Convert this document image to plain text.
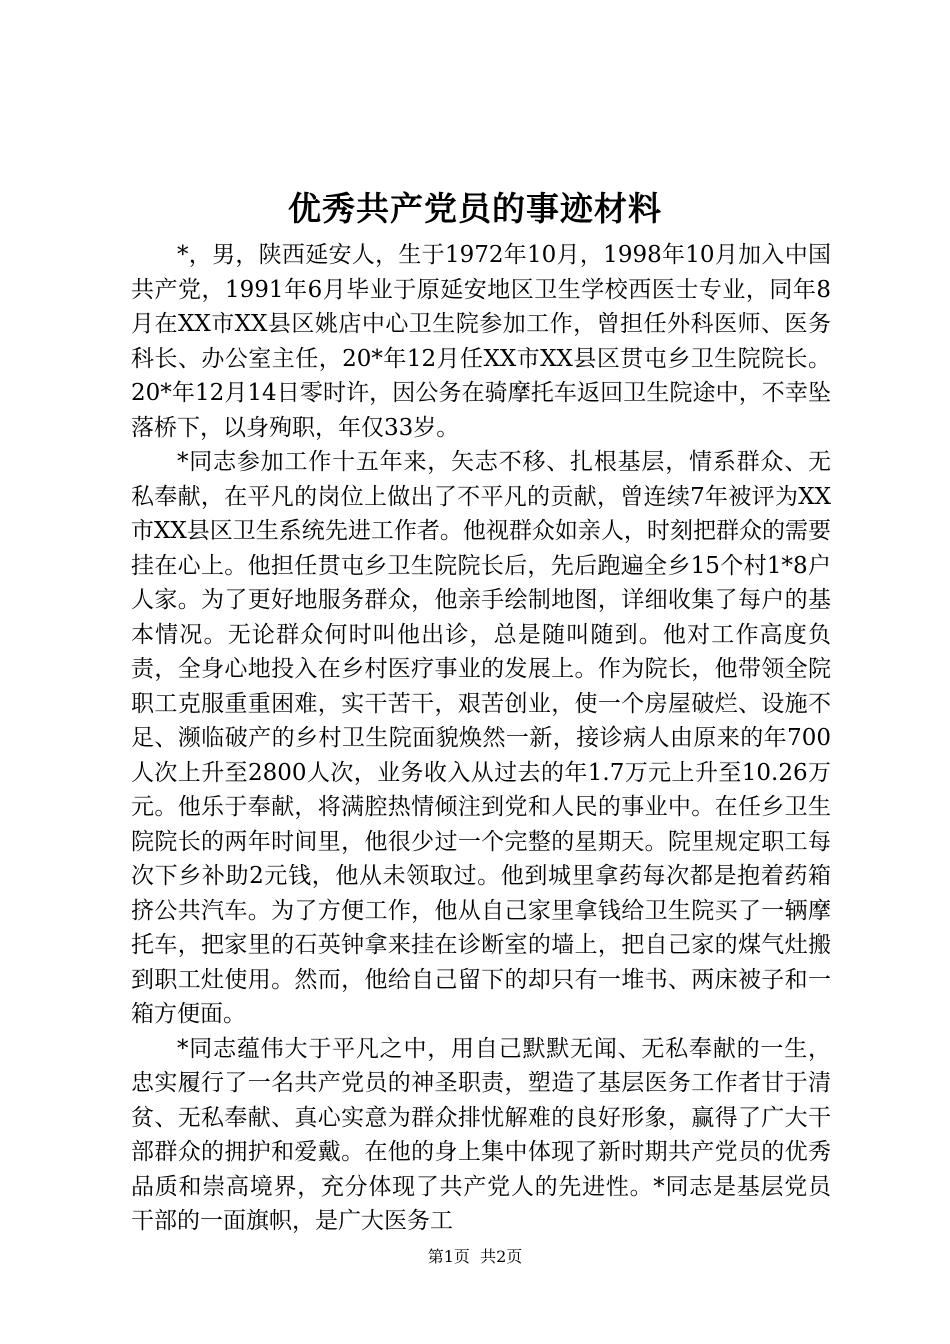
优秀共产党员的事迹材料

*，男，陕西延安人，生于1972年10月，1998年10月加入中国共产党，1991年6月毕业于原延安地区卫生学校西医士专业，同年8月在XX市XX县区姚店中心卫生院参加工作，曾担任外科医师、医务科长、办公室主任，20*年12月任XX市XX县区贯屯乡卫生院院长。20*年12月14日零时许，因公务在骑摩托车返回卫生院途中，不幸坠落桥下，以身殉职，年仅33岁。

*同志参加工作十五年来，矢志不移、扎根基层，情系群众、无私奉献，在平凡的岗位上做出了不平凡的贡献，曾连续7年被评为XX市XX县区卫生系统先进工作者。他视群众如亲人，时刻把群众的需要挂在心上。他担任贯屯乡卫生院院长后，先后跑遍全乡15个村1*8户人家。为了更好地服务群众，他亲手绘制地图，详细收集了每户的基本情况。无论群众何时叫他出诊，总是随叫随到。他对工作高度负责，全身心地投入在乡村医疗事业的发展上。作为院长，他带领全院职工克服重重困难，实干苦干，艰苦创业，使一个房屋破烂、设施不足、濒临破产的乡村卫生院面貌焕然一新，接诊病人由原来的年700人次上升至2800人次，业务收入从过去的年1.7万元上升至10.26万元。他乐于奉献，将满腔热情倾注到党和人民的事业中。在任乡卫生院院长的两年时间里，他很少过一个完整的星期天。院里规定职工每次下乡补助2元钱，他从未领取过。他到城里拿药每次都是抱着药箱挤公共汽车。为了方便工作，他从自己家里拿钱给卫生院买了一辆摩托车，把家里的石英钟拿来挂在诊断室的墙上，把自己家的煤气灶搬到职工灶使用。然而，他给自己留下的却只有一堆书、两床被子和一箱方便面。

*同志蕴伟大于平凡之中，用自己默默无闻、无私奉献的一生，忠实履行了一名共产党员的神圣职责，塑造了基层医务工作者甘于清贫、无私奉献、真心实意为群众排忧解难的良好形象，赢得了广大干部群众的拥护和爱戴。在他的身上集中体现了新时期共产党员的优秀品质和崇高境界，充分体现了共产党人的先进性。*同志是基层党员干部的一面旗帜，是广大医务工

第1页 共2页
